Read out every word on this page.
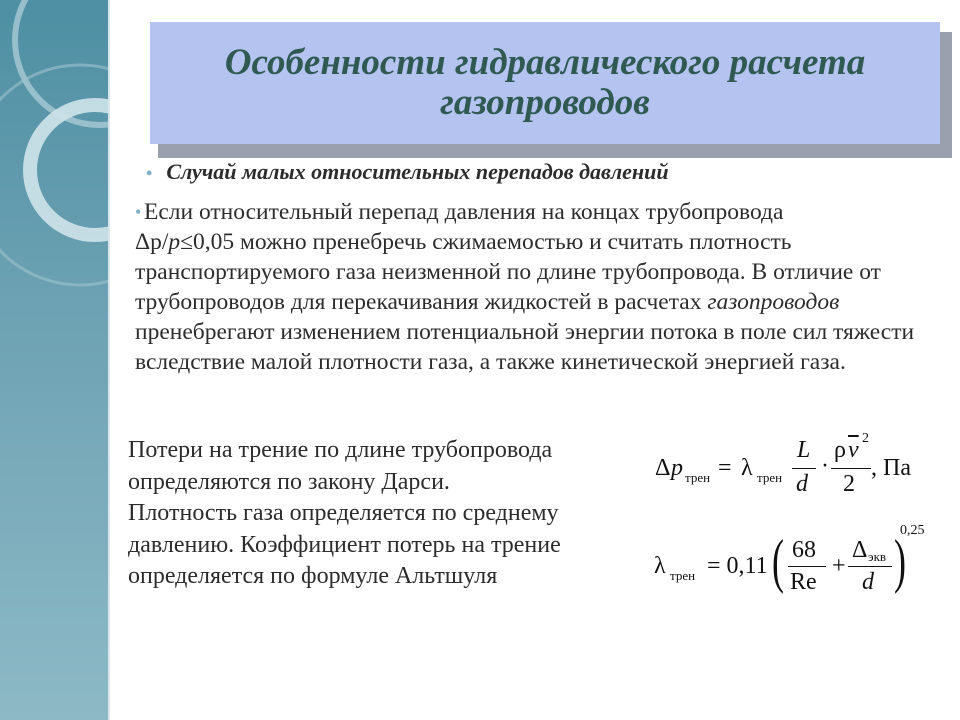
Особенности гидравлического расчета
газопроводов
• Случай малых относительных перепадов давлений
• Если относительный перепад давления на концах трубопровода
Δр/р≤0,05 можно пренебречь сжимаемостью и считать плотность транспортируемого газа неизменной по длине трубопровода. В отличие от трубопроводов для перекачивания жидкостей в расчетах газопроводов пренебрегают изменением потенциальной энергии потока в поле сил тяжести вследствие малой плотности газа, а также кинетической энергией газа.
Потери на трение по длине трубопровода определяются по закону Дарси.
Плотность газа определяется по среднему давлению. Коэффициент потерь на трение определяется по формуле Альтшуля
Δ p трен = λ трен
L
d
·
ρ $\overline{v}$ 2
2
, Па
λ трен = 0,11 ( 68
Re
+
Δ экв
d )
0,25
